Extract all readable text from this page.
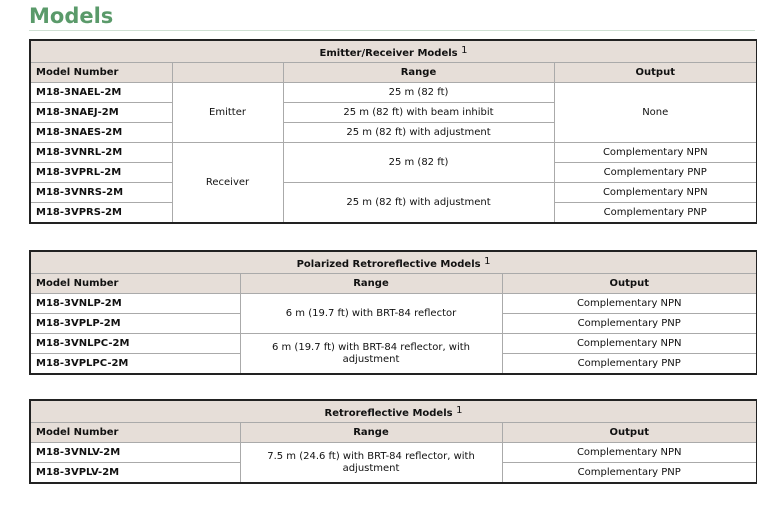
Models
Emitter/Receiver Models $^1$
Model Number		Range	Output
M18-3NAEL-2M	Emitter	25 m (82 ft)	None
M18-3NAEJ-2M		25 m (82 ft) with beam inhibit	
M18-3NAES-2M		25 m (82 ft) with adjustment	
M18-3VNRL-2M	Receiver	25 m (82 ft)	Complementary NPN
M18-3VPRL-2M			Complementary PNP
M18-3VNRS-2M		25 m (82 ft) with adjustment	Complementary NPN
M18-3VPRS-2M			Complementary PNP
Polarized Retroreflective Models $^1$
Model Number	Range	Output
M18-3VNLP-2M	6 m (19.7 ft) with BRT-84 reflector	Complementary NPN
M18-3VPLP-2M		Complementary PNP
M18-3VNLPC-2M	6 m (19.7 ft) with BRT-84 reflector, with adjustment	Complementary NPN
M18-3VPLPC-2M		Complementary PNP
Retroreflective Models $^1$
Model Number	Range	Output
M18-3VNLV-2M	7.5 m (24.6 ft) with BRT-84 reflector, with adjustment	Complementary NPN
M18-3VPLV-2M		Complementary PNP
